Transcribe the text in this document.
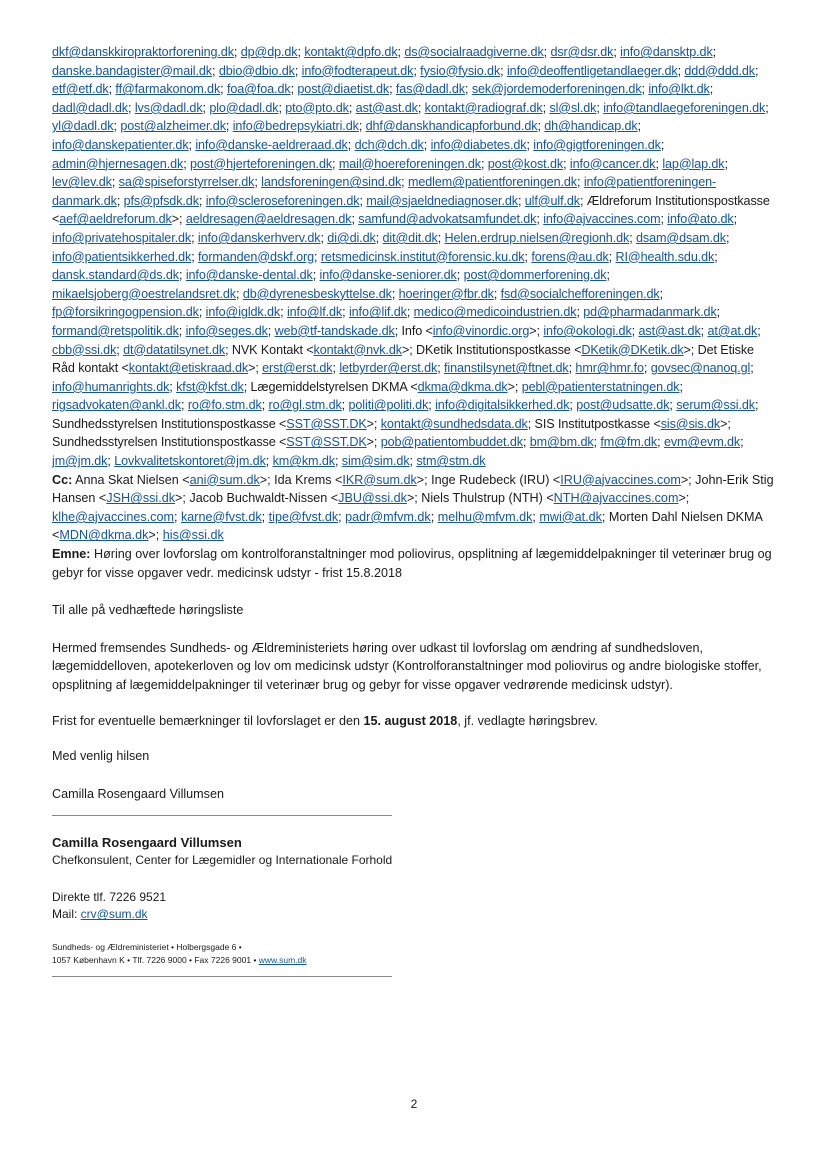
dkf@danskkiropraktorforening.dk; dp@dp.dk; kontakt@dpfo.dk; ds@socialraadgiverne.dk; dsr@dsr.dk; info@dansktp.dk; danske.bandagister@mail.dk; dbio@dbio.dk; info@fodterapeut.dk; fysio@fysio.dk; info@deoffentligetandlaeger.dk; ddd@ddd.dk; etf@etf.dk; ff@farmakonom.dk; foa@foa.dk; post@diaetist.dk; fas@dadl.dk; sek@jordemoderforeningen.dk; info@lkt.dk; dadl@dadl.dk; lvs@dadl.dk; plo@dadl.dk; pto@pto.dk; ast@ast.dk; kontakt@radiograf.dk; sl@sl.dk; info@tandlaegeforeningen.dk; yl@dadl.dk; post@alzheimer.dk; info@bedrepsykiatri.dk; dhf@danskhandicapforbund.dk; dh@handicap.dk; info@danskepatienter.dk; info@danske-aeldreraad.dk; dch@dch.dk; info@diabetes.dk; info@gigtforeningen.dk; admin@hjernesagen.dk; post@hjerteforeningen.dk; mail@hoereforeningen.dk; post@kost.dk; info@cancer.dk; lap@lap.dk; lev@lev.dk; sa@spiseforstyrrelser.dk; landsforeningen@sind.dk; medlem@patientforeningen.dk; info@patientforeningen-danmark.dk; pfs@pfsdk.dk; info@scleroseforeningen.dk; mail@sjaeldnediagnoser.dk; ulf@ulf.dk; Ældreforum Institutionspostkasse <aef@aeldreforum.dk>; aeldresagen@aeldresagen.dk; samfund@advokatsamfundet.dk; info@ajvaccines.com; info@ato.dk; info@privatehospitaler.dk; info@danskerhverv.dk; di@di.dk; dit@dit.dk; Helen.erdrup.nielsen@regionh.dk; dsam@dsam.dk; info@patientsikkerhed.dk; formanden@dskf.org; retsmedicinsk.institut@forensic.ku.dk; forens@au.dk; RI@health.sdu.dk; dansk.standard@ds.dk; info@danske-dental.dk; info@danske-seniorer.dk; post@dommerforening.dk; mikaelsjoberg@oestrelandsret.dk; db@dyrenesbeskyttelse.dk; hoeringer@fbr.dk; fsd@socialchefforeningen.dk; fp@forsikringogpension.dk; info@igldk.dk; info@lf.dk; info@lif.dk; medico@medicoindustrien.dk; pd@pharmadanmark.dk; formand@retspolitik.dk; info@seges.dk; web@tf-tandskade.dk; Info <info@vinordic.org>; info@okologi.dk; ast@ast.dk; at@at.dk; cbb@ssi.dk; dt@datatilsynet.dk; NVK Kontakt <kontakt@nvk.dk>; DKetik Institutionspostkasse <DKetik@DKetik.dk>; Det Etiske Råd kontakt <kontakt@etiskraad.dk>; erst@erst.dk; letbyrder@erst.dk; finanstilsynet@ftnet.dk; hmr@hmr.fo; govsec@nanoq.gl; info@humanrights.dk; kfst@kfst.dk; Lægemiddelstyrelsen DKMA <dkma@dkma.dk>; pebl@patienterstatningen.dk; rigsadvokaten@ankl.dk; ro@fo.stm.dk; ro@gl.stm.dk; politi@politi.dk; info@digitalsikkerhed.dk; post@udsatte.dk; serum@ssi.dk; Sundhedsstyrelsen Institutionspostkasse <SST@SST.DK>; kontakt@sundhedsdata.dk; SIS Institutpostkasse <sis@sis.dk>; Sundhedsstyrelsen Institutionspostkasse <SST@SST.DK>; pob@patientombuddet.dk; bm@bm.dk; fm@fm.dk; evm@evm.dk; jm@jm.dk; Lovkvalitetskontoret@jm.dk; km@km.dk; sim@sim.dk; stm@stm.dk
Cc: Anna Skat Nielsen <ani@sum.dk>; Ida Krems <IKR@sum.dk>; Inge Rudebeck (IRU) <IRU@ajvaccines.com>; John-Erik Stig Hansen <JSH@ssi.dk>; Jacob Buchwaldt-Nissen <JBU@ssi.dk>; Niels Thulstrup (NTH) <NTH@ajvaccines.com>; klhe@ajvaccines.com; karne@fvst.dk; tipe@fvst.dk; padr@mfvm.dk; melhu@mfvm.dk; mwi@at.dk; Morten Dahl Nielsen DKMA <MDN@dkma.dk>; his@ssi.dk
Emne: Høring over lovforslag om kontrolforanstaltninger mod poliovirus, opsplitning af lægemiddelpakninger til veterinær brug og gebyr for visse opgaver vedr. medicinsk udstyr - frist 15.8.2018

Til alle på vedhæftede høringsliste

Hermed fremsendes Sundheds- og Ældreministeriets høring over udkast til lovforslag om ændring af sundhedsloven, lægemiddelloven, apotekerloven og lov om medicinsk udstyr (Kontrolforanstaltninger mod poliovirus og andre biologiske stoffer, opsplitning af lægemiddelpakninger til veterinær brug og gebyr for visse opgaver vedrørende medicinsk udstyr).

Frist for eventuelle bemærkninger til lovforslaget er den 15. august 2018, jf. vedlagte høringsbrev.

Med venlig hilsen

Camilla Rosengaard Villumsen

Camilla Rosengaard Villumsen

Chefkonsulent, Center for Lægemidler og Internationale Forhold

Direkte tlf. 7226 9521

Mail: crv@sum.dk

Sundheds- og Ældreministeriet • Holbergsgade 6 •
1057 København K • Tlf. 7226 9000 • Fax 7226 9001 • www.sum.dk
2
